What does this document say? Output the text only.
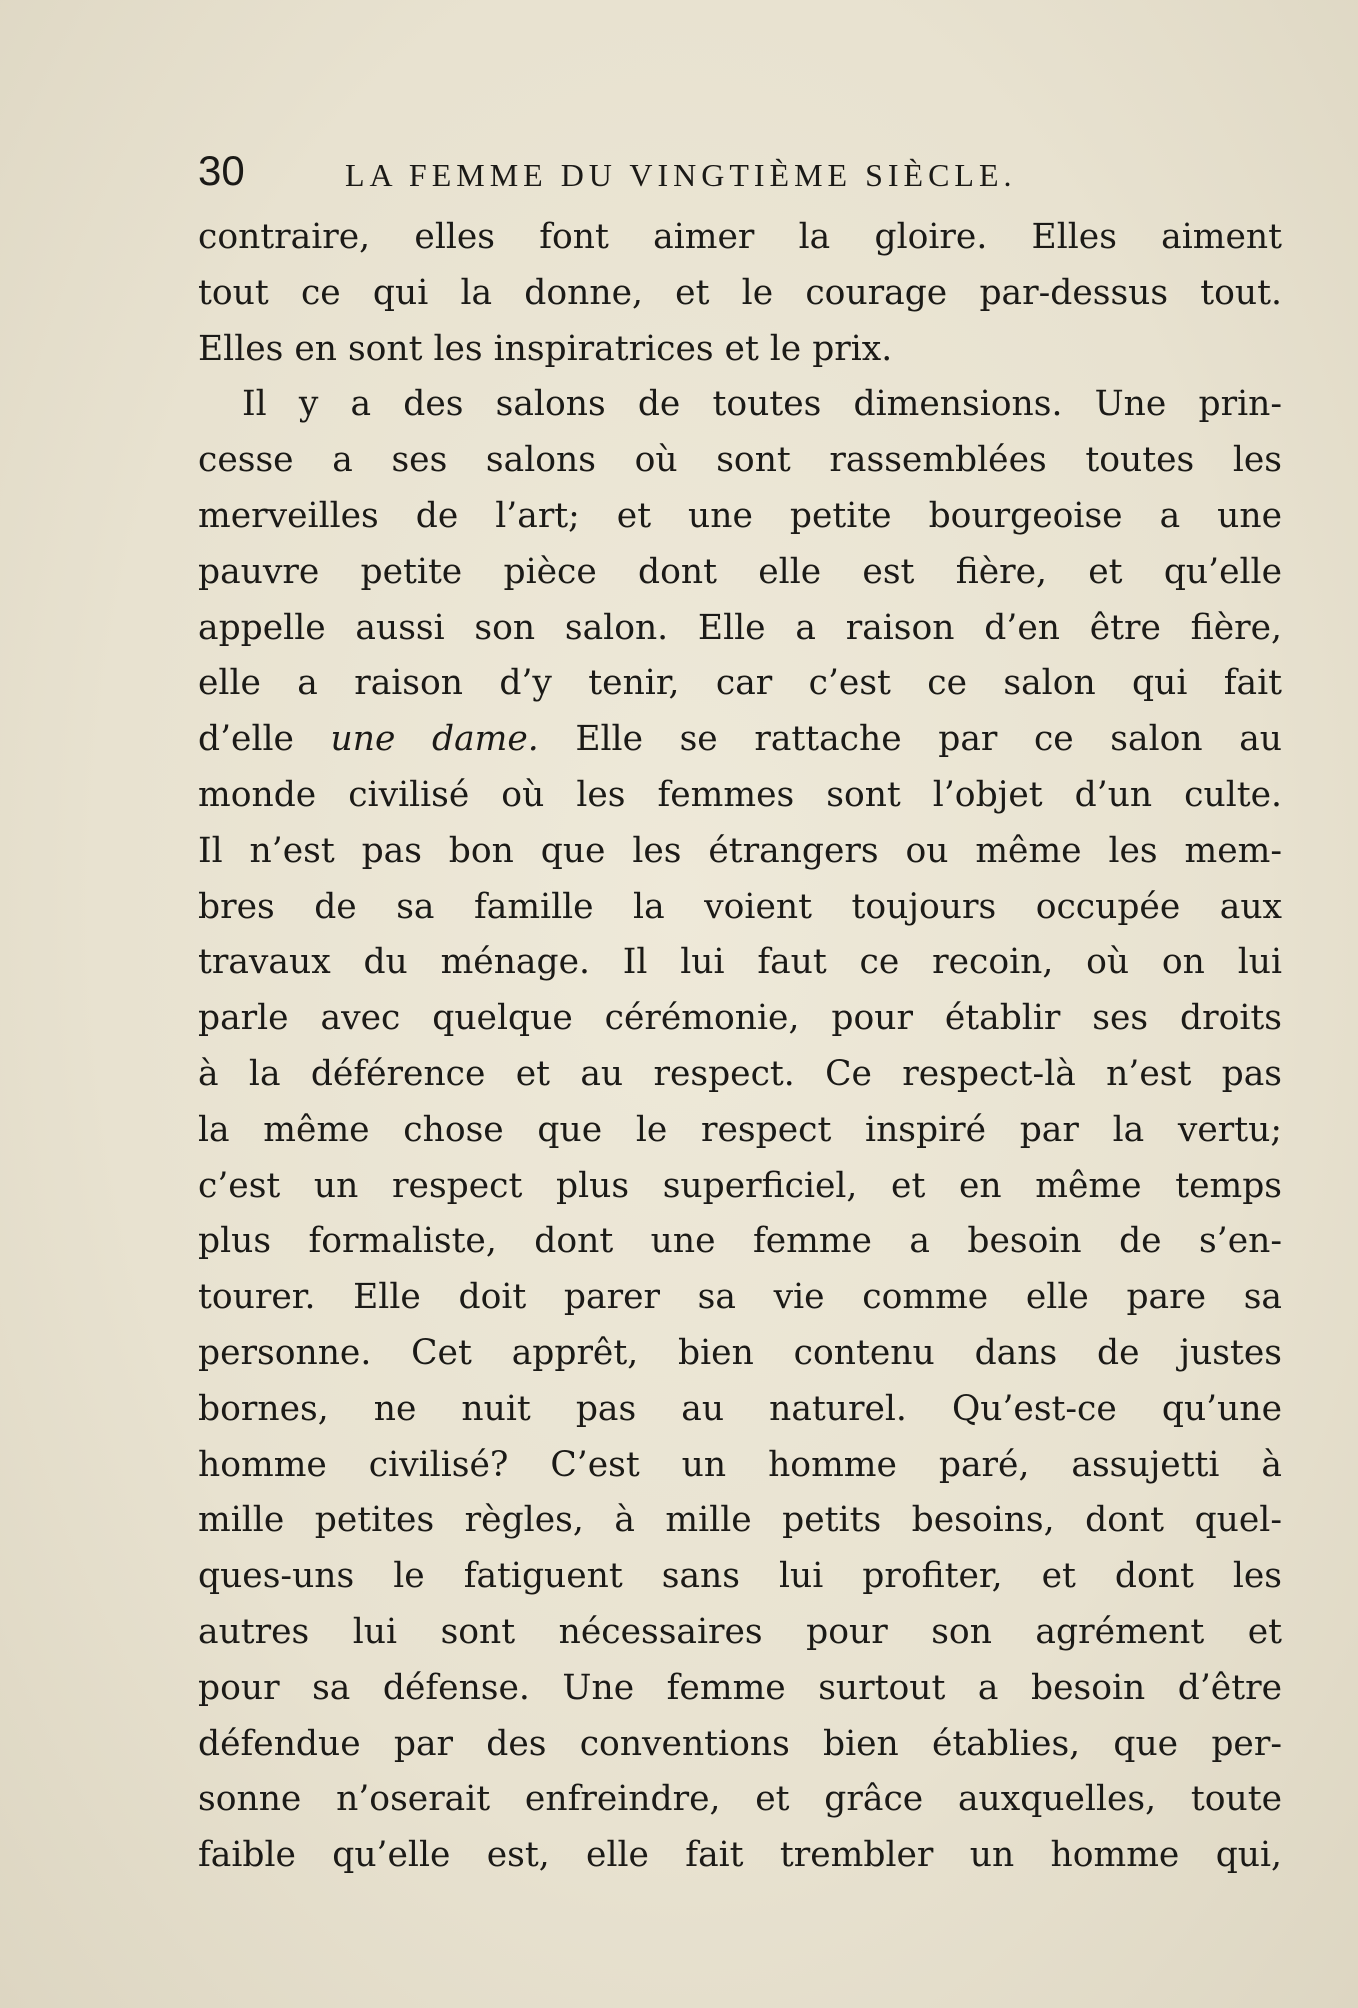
30	LA FEMME DU VINGTIÈME SIÈCLE.
contraire, elles font aimer la gloire. Elles aiment
tout ce qui la donne, et le courage par-dessus tout.
Elles en sont les inspiratrices et le prix.
Il y a des salons de toutes dimensions. Une prin-
cesse a ses salons où sont rassemblées toutes les
merveilles de l’art; et une petite bourgeoise a une
pauvre petite pièce dont elle est fière, et qu’elle
appelle aussi son salon. Elle a raison d’en être fière,
elle a raison d’y tenir, car c’est ce salon qui fait
d’elle une dame. Elle se rattache par ce salon au
monde civilisé où les femmes sont l’objet d’un culte.
Il n’est pas bon que les étrangers ou même les mem-
bres de sa famille la voient toujours occupée aux
travaux du ménage. Il lui faut ce recoin, où on lui
parle avec quelque cérémonie, pour établir ses droits
à la déférence et au respect. Ce respect-là n’est pas
la même chose que le respect inspiré par la vertu;
c’est un respect plus superficiel, et en même temps
plus formaliste, dont une femme a besoin de s’en-
tourer. Elle doit parer sa vie comme elle pare sa
personne. Cet apprêt, bien contenu dans de justes
bornes, ne nuit pas au naturel. Qu’est-ce qu’une
homme civilisé? C’est un homme paré, assujetti à
mille petites règles, à mille petits besoins, dont quel-
ques-uns le fatiguent sans lui profiter, et dont les
autres lui sont nécessaires pour son agrément et
pour sa défense. Une femme surtout a besoin d’être
défendue par des conventions bien établies, que per-
sonne n’oserait enfreindre, et grâce auxquelles, toute
faible qu’elle est, elle fait trembler un homme qui,
